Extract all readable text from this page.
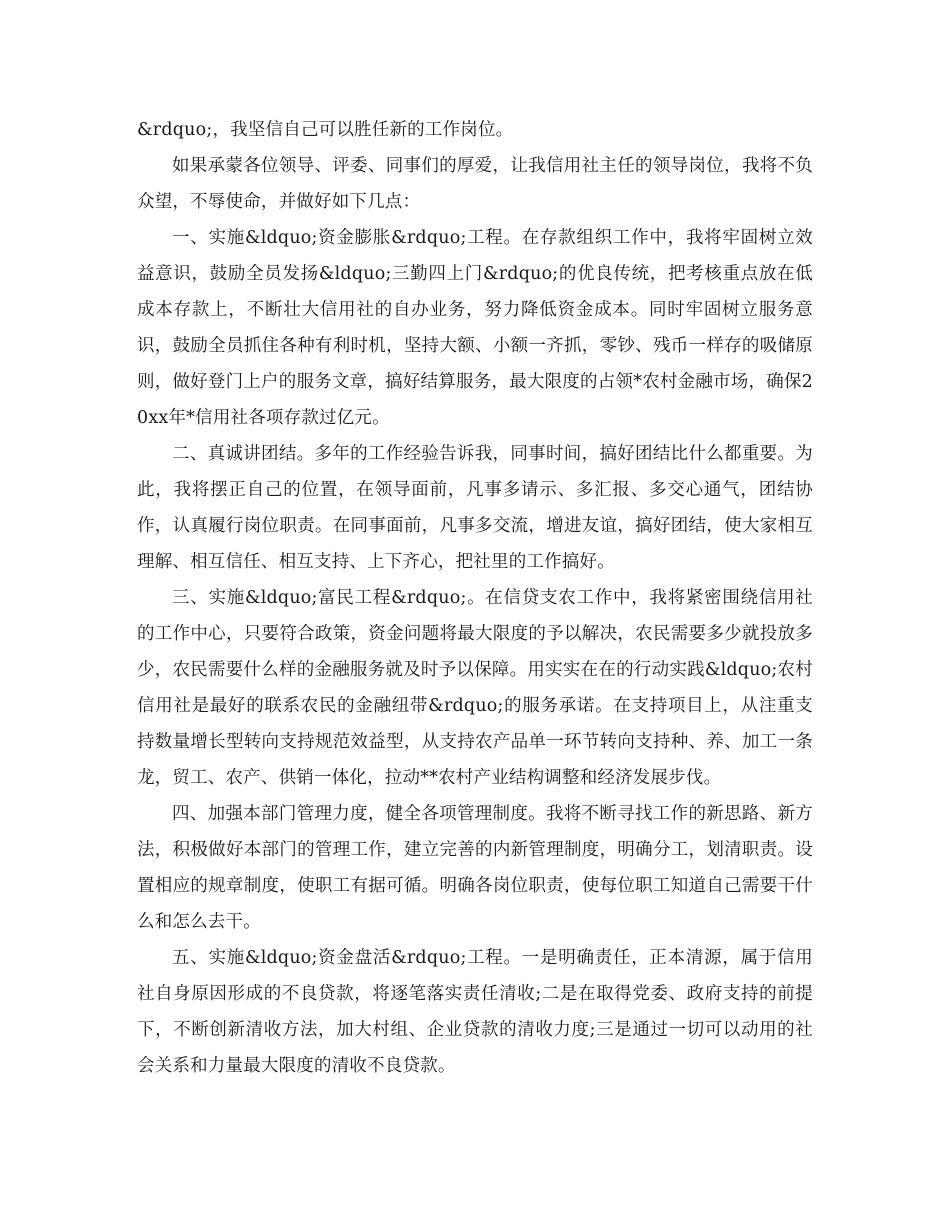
&rdquo;，我坚信自己可以胜任新的工作岗位。

如果承蒙各位领导、评委、同事们的厚爱，让我信用社主任的领导岗位，我将不负众望，不辱使命，并做好如下几点：

一、实施&ldquo;资金膨胀&rdquo;工程。在存款组织工作中，我将牢固树立效益意识，鼓励全员发扬&ldquo;三勤四上门&rdquo;的优良传统，把考核重点放在低成本存款上，不断壮大信用社的自办业务，努力降低资金成本。同时牢固树立服务意识，鼓励全员抓住各种有利时机，坚持大额、小额一齐抓，零钞、残币一样存的吸储原则，做好登门上户的服务文章，搞好结算服务，最大限度的占领*农村金融市场，确保20xx年*信用社各项存款过亿元。

二、真诚讲团结。多年的工作经验告诉我，同事时间，搞好团结比什么都重要。为此，我将摆正自己的位置，在领导面前，凡事多请示、多汇报、多交心通气，团结协作，认真履行岗位职责。在同事面前，凡事多交流，增进友谊，搞好团结，使大家相互理解、相互信任、相互支持、上下齐心，把社里的工作搞好。

三、实施&ldquo;富民工程&rdquo;。在信贷支农工作中，我将紧密围绕信用社的工作中心，只要符合政策，资金问题将最大限度的予以解决，农民需要多少就投放多少，农民需要什么样的金融服务就及时予以保障。用实实在在的行动实践&ldquo;农村信用社是最好的联系农民的金融纽带&rdquo;的服务承诺。在支持项目上，从注重支持数量增长型转向支持规范效益型，从支持农产品单一环节转向支持种、养、加工一条龙，贸工、农产、供销一体化，拉动**农村产业结构调整和经济发展步伐。

四、加强本部门管理力度，健全各项管理制度。我将不断寻找工作的新思路、新方法，积极做好本部门的管理工作，建立完善的内新管理制度，明确分工，划清职责。设置相应的规章制度，使职工有据可循。明确各岗位职责，使每位职工知道自己需要干什么和怎么去干。

五、实施&ldquo;资金盘活&rdquo;工程。一是明确责任，正本清源，属于信用社自身原因形成的不良贷款，将逐笔落实责任清收;二是在取得党委、政府支持的前提下，不断创新清收方法，加大村组、企业贷款的清收力度;三是通过一切可以动用的社会关系和力量最大限度的清收不良贷款。
